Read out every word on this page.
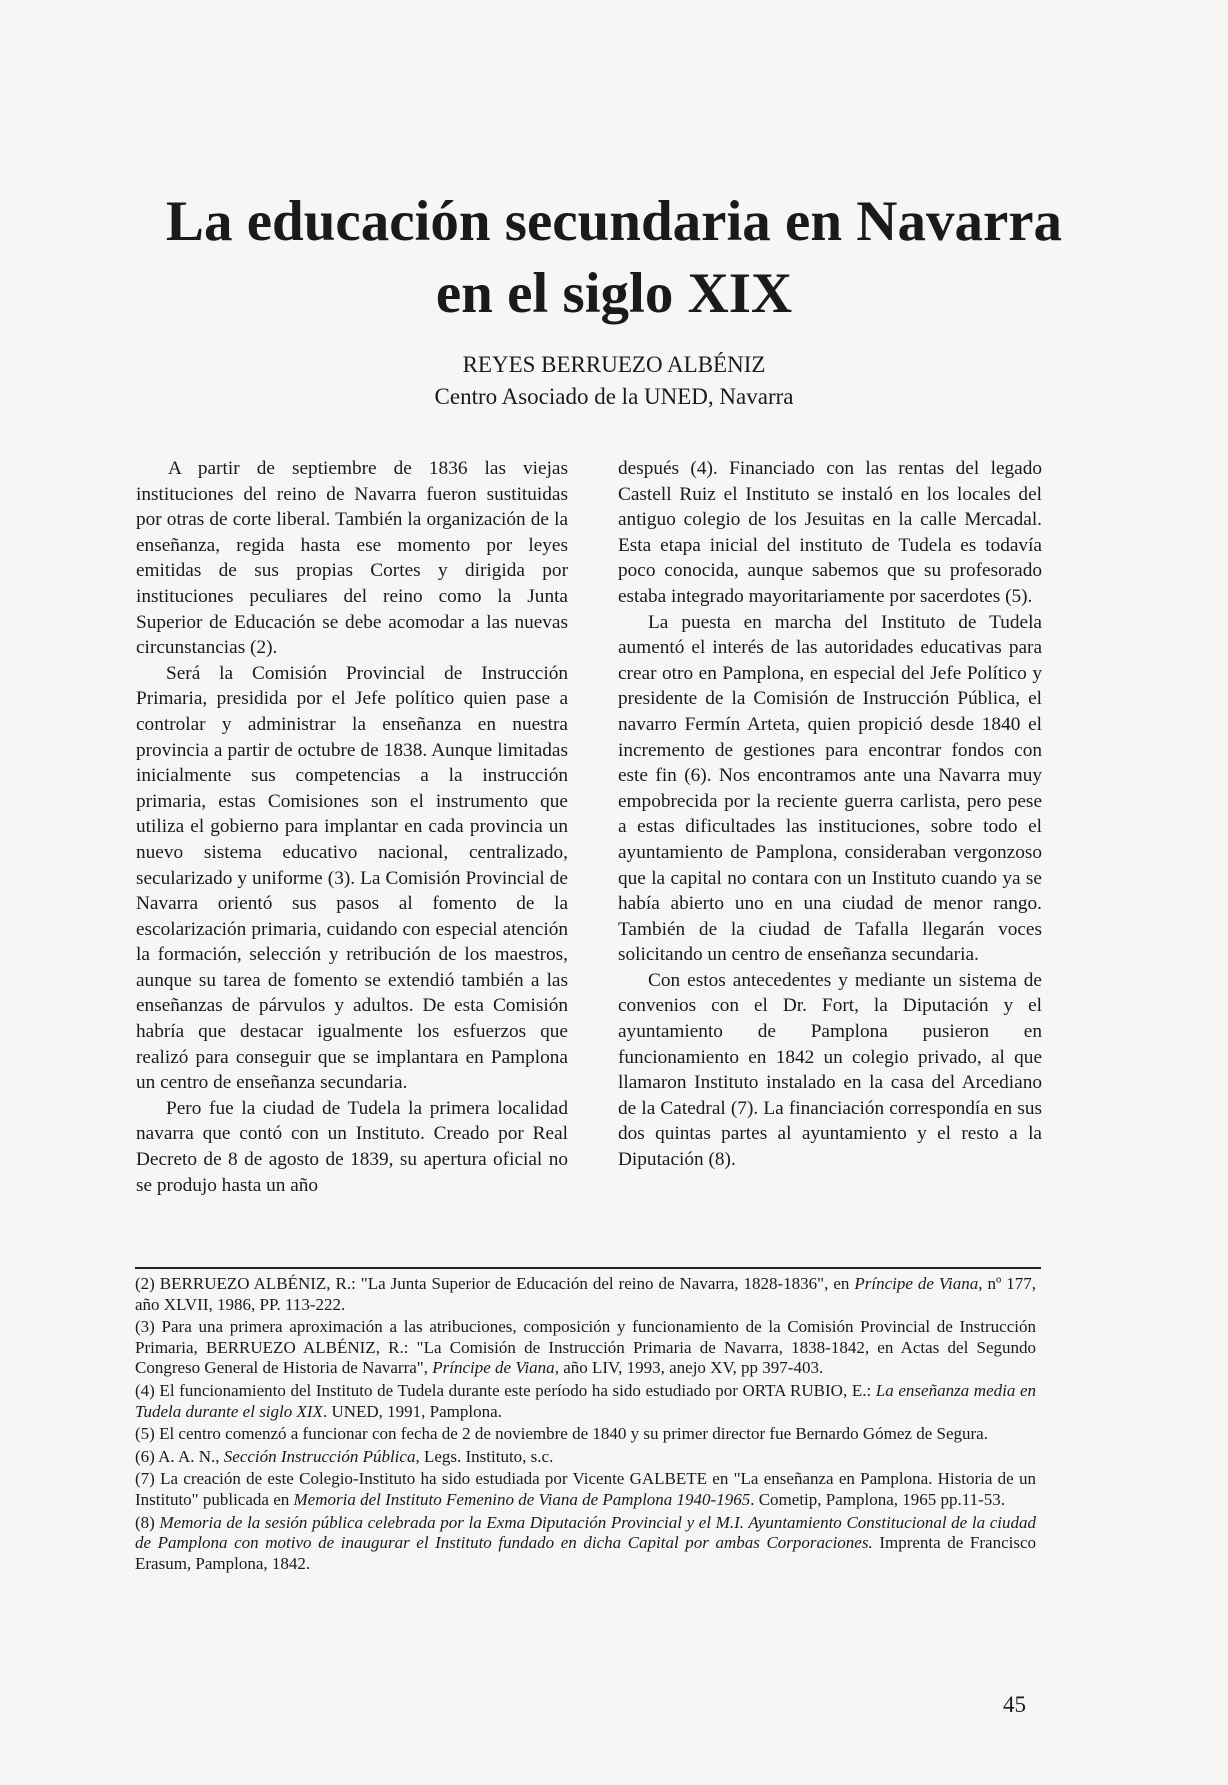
La educación secundaria en Navarra
en el siglo XIX
REYES BERRUEZO ALBÉNIZ
Centro Asociado de la UNED, Navarra

A partir de septiembre de 1836 las viejas instituciones del reino de Navarra fueron sustituidas por otras de corte liberal. También la organización de la enseñanza, regida hasta ese momento por leyes emitidas de sus propias Cortes y dirigida por instituciones peculiares del reino como la Junta Superior de Educación se debe acomodar a las nuevas circunstancias (2).

Será la Comisión Provincial de Instrucción Primaria, presidida por el Jefe político quien pase a controlar y administrar la enseñanza en nuestra provincia a partir de octubre de 1838. Aunque limitadas inicialmente sus competencias a la instrucción primaria, estas Comisiones son el instrumento que utiliza el gobierno para implantar en cada provincia un nuevo sistema educativo nacional, centralizado, secularizado y uniforme (3). La Comisión Provincial de Navarra orientó sus pasos al fomento de la escolarización primaria, cuidando con especial atención la formación, selección y retribución de los maestros, aunque su tarea de fomento se extendió también a las enseñanzas de párvulos y adultos. De esta Comisión habría que destacar igualmente los esfuerzos que realizó para conseguir que se implantara en Pamplona un centro de enseñanza secundaria.

Pero fue la ciudad de Tudela la primera localidad navarra que contó con un Instituto. Creado por Real Decreto de 8 de agosto de 1839, su apertura oficial no se produjo hasta un año

después (4). Financiado con las rentas del legado Castell Ruiz el Instituto se instaló en los locales del antiguo colegio de los Jesuitas en la calle Mercadal. Esta etapa inicial del instituto de Tudela es todavía poco conocida, aunque sabemos que su profesorado estaba integrado mayoritariamente por sacerdotes (5).

La puesta en marcha del Instituto de Tudela aumentó el interés de las autoridades educativas para crear otro en Pamplona, en especial del Jefe Político y presidente de la Comisión de Instrucción Pública, el navarro Fermín Arteta, quien propició desde 1840 el incremento de gestiones para encontrar fondos con este fin (6). Nos encontramos ante una Navarra muy empobrecida por la reciente guerra carlista, pero pese a estas dificultades las instituciones, sobre todo el ayuntamiento de Pamplona, consideraban vergonzoso que la capital no contara con un Instituto cuando ya se había abierto uno en una ciudad de menor rango. También de la ciudad de Tafalla llegarán voces solicitando un centro de enseñanza secundaria.

Con estos antecedentes y mediante un sistema de convenios con el Dr. Fort, la Diputación y el ayuntamiento de Pamplona pusieron en funcionamiento en 1842 un colegio privado, al que llamaron Instituto instalado en la casa del Arcediano de la Catedral (7). La financiación correspondía en sus dos quintas partes al ayuntamiento y el resto a la Diputación (8).

(2) BERRUEZO ALBÉNIZ, R.: "La Junta Superior de Educación del reino de Navarra, 1828-1836", en Príncipe de Viana, nº 177, año XLVII, 1986, PP. 113-222.

(3) Para una primera aproximación a las atribuciones, composición y funcionamiento de la Comisión Provincial de Instrucción Primaria, BERRUEZO ALBÉNIZ, R.: "La Comisión de Instrucción Primaria de Navarra, 1838-1842, en Actas del Segundo Congreso General de Historia de Navarra", Príncipe de Viana, año LIV, 1993, anejo XV, pp 397-403.

(4) El funcionamiento del Instituto de Tudela durante este período ha sido estudiado por ORTA RUBIO, E.: La enseñanza media en Tudela durante el siglo XIX. UNED, 1991, Pamplona.

(5) El centro comenzó a funcionar con fecha de 2 de noviembre de 1840 y su primer director fue Bernardo Gómez de Segura.

(6) A. A. N., Sección Instrucción Pública, Legs. Instituto, s.c.

(7) La creación de este Colegio-Instituto ha sido estudiada por Vicente GALBETE en "La enseñanza en Pamplona. Historia de un Instituto" publicada en Memoria del Instituto Femenino de Viana de Pamplona 1940-1965. Cometip, Pamplona, 1965 pp.11-53.

(8) Memoria de la sesión pública celebrada por la Exma Diputación Provincial y el M.I. Ayuntamiento Constitucional de la ciudad de Pamplona con motivo de inaugurar el Instituto fundado en dicha Capital por ambas Corporaciones. Imprenta de Francisco Erasum, Pamplona, 1842.

45
